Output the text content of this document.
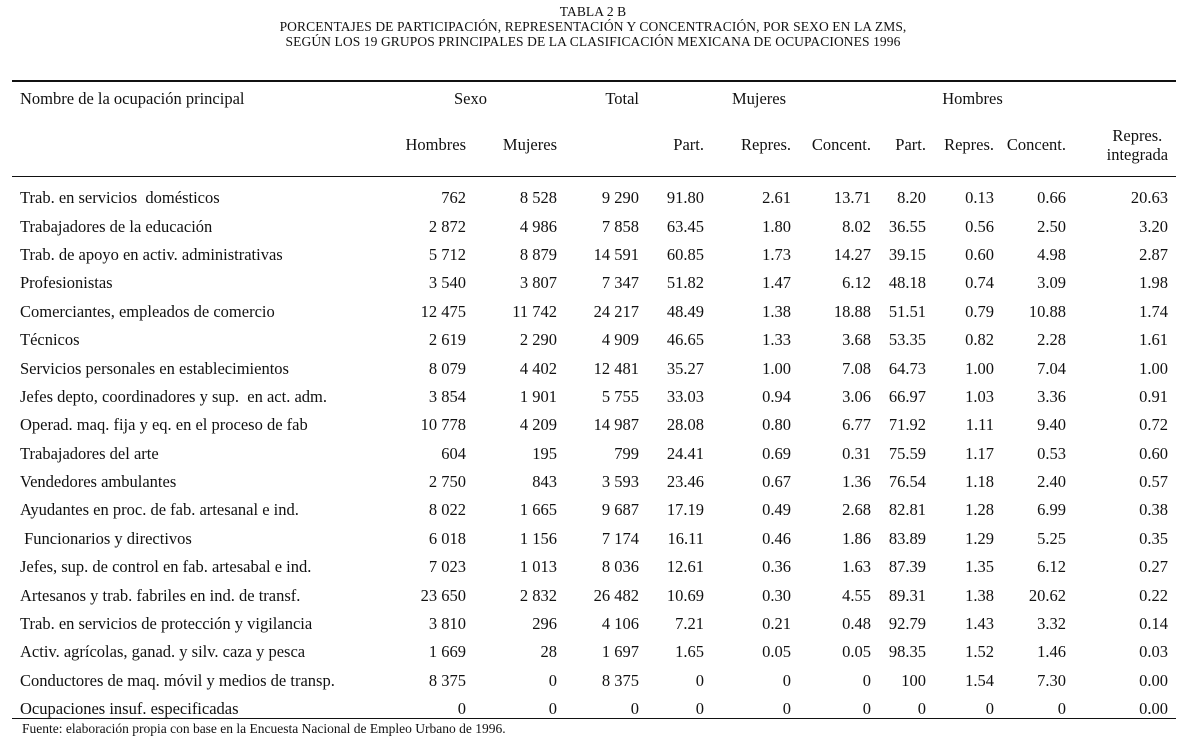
TABLA 2 B
PORCENTAJES DE PARTICIPACIÓN, REPRESENTACIÓN Y CONCENTRACIÓN, POR SEXO EN LA ZMS,
SEGÚN LOS 19 GRUPOS PRINCIPALES DE LA CLASIFICACIÓN MEXICANA DE OCUPACIONES 1996
Nombre de la ocupación principal	Sexo		Total	Mujeres			Hombres			
	Hombres	Mujeres		Part.	Repres.	Concent.	Part.	Repres.	Concent.	Repres.
integrada

Trab. en servicios  domésticos	762	8 528	9 290	91.80	2.61	13.71	8.20	0.13	0.66	20.63
Trabajadores de la educación	2 872	4 986	7 858	63.45	1.80	8.02	36.55	0.56	2.50	3.20
Trab. de apoyo en activ. administrativas	5 712	8 879	14 591	60.85	1.73	14.27	39.15	0.60	4.98	2.87
Profesionistas	3 540	3 807	7 347	51.82	1.47	6.12	48.18	0.74	3.09	1.98
Comerciantes, empleados de comercio	12 475	11 742	24 217	48.49	1.38	18.88	51.51	0.79	10.88	1.74
Técnicos	2 619	2 290	4 909	46.65	1.33	3.68	53.35	0.82	2.28	1.61
Servicios personales en establecimientos	8 079	4 402	12 481	35.27	1.00	7.08	64.73	1.00	7.04	1.00
Jefes depto, coordinadores y sup.  en act. adm.	3 854	1 901	5 755	33.03	0.94	3.06	66.97	1.03	3.36	0.91
Operad. maq. fija y eq. en el proceso de fab	10 778	4 209	14 987	28.08	0.80	6.77	71.92	1.11	9.40	0.72
Trabajadores del arte	604	195	799	24.41	0.69	0.31	75.59	1.17	0.53	0.60
Vendedores ambulantes	2 750	843	3 593	23.46	0.67	1.36	76.54	1.18	2.40	0.57
Ayudantes en proc. de fab. artesanal e ind.	8 022	1 665	9 687	17.19	0.49	2.68	82.81	1.28	6.99	0.38
Funcionarios y directivos	6 018	1 156	7 174	16.11	0.46	1.86	83.89	1.29	5.25	0.35
Jefes, sup. de control en fab. artesabal e ind.	7 023	1 013	8 036	12.61	0.36	1.63	87.39	1.35	6.12	0.27
Artesanos y trab. fabriles en ind. de transf.	23 650	2 832	26 482	10.69	0.30	4.55	89.31	1.38	20.62	0.22
Trab. en servicios de protección y vigilancia	3 810	296	4 106	7.21	0.21	0.48	92.79	1.43	3.32	0.14
Activ. agrícolas, ganad. y silv. caza y pesca	1 669	28	1 697	1.65	0.05	0.05	98.35	1.52	1.46	0.03
Conductores de maq. móvil y medios de transp.	8 375	0	8 375	0	0	0	100	1.54	7.30	0.00
Ocupaciones insuf. especificadas	0	0	0	0	0	0	0	0	0	0.00
Fuente: elaboración propia con base en la Encuesta Nacional de Empleo Urbano de 1996.
